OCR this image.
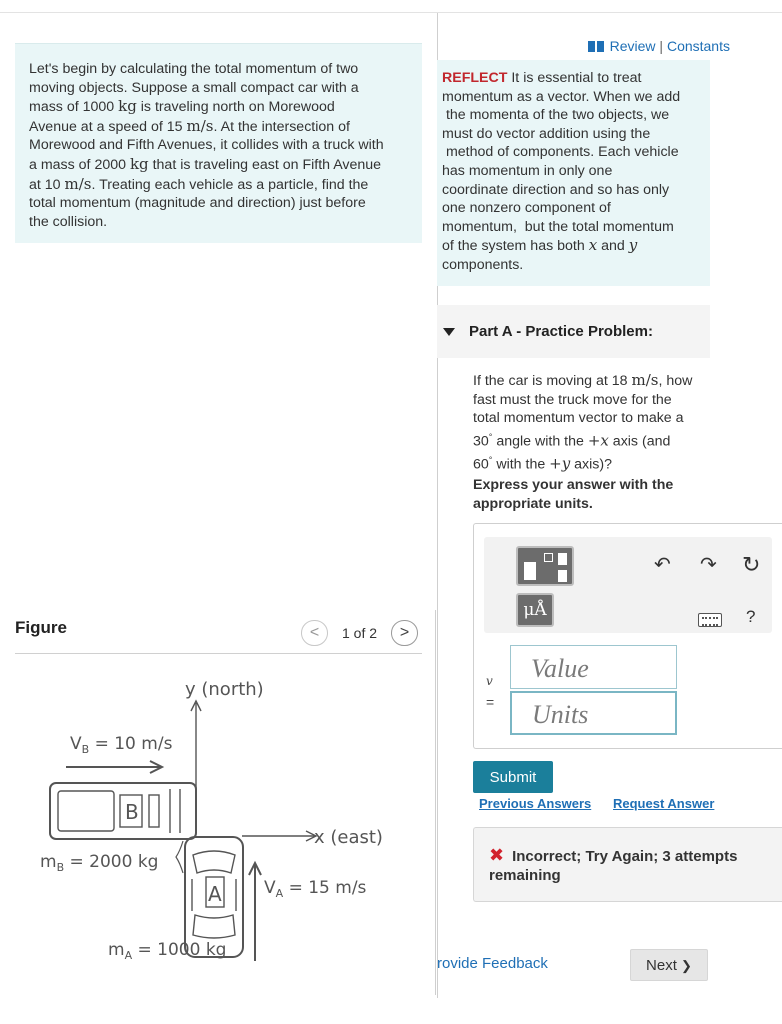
Let's begin by calculating the total momentum of two
moving objects. Suppose a small compact car with a
mass of 1000 kg is traveling north on Morewood
Avenue at a speed of 15 m/s. At the intersection of
Morewood and Fifth Avenues, it collides with a truck with
a mass of 2000 kg that is traveling east on Fifth Avenue
at 10 m/s. Treating each vehicle as a particle, find the
total momentum (magnitude and direction) just before
the collision.
Figure	<	1 of 2	>
y (north)
x (east)
$V_B = 10$ m/s
$m_B = 2000$ kg
$V_A = 15$ m/s
$m_A = 1000$ kg
B
A
Review | Constants
REFLECT It is essential to treat
momentum as a vector. When we add
the momenta of the two objects, we
must do vector addition using the
method of components. Each vehicle
has momentum in only one
coordinate direction and so has only
one nonzero component of
momentum,  but the total momentum
of the system has both x and y
components.
Part A - Practice Problem:
If the car is moving at 18 m/s, how
fast must the truck move for the
total momentum vector to make a
30° angle with the +x axis (and
60° with the +y axis)?
Express your answer with the
appropriate units.
μÅ
↶ ↷ ↻
?
v
=
Value
Units
Submit
Previous Answers Request Answer
✖ Incorrect; Try Again; 3 attempts
remaining
rovide Feedback	Next ❯
